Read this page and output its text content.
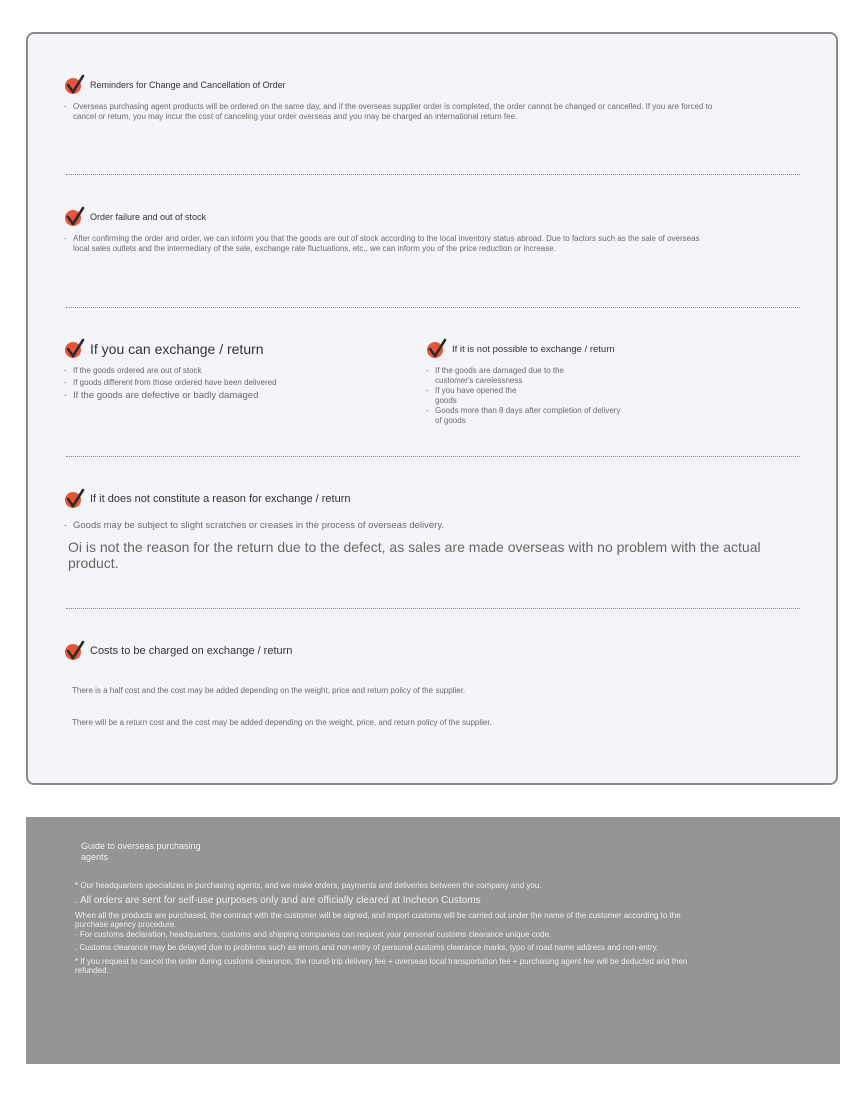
Reminders for Change and Cancellation of Order
- Overseas purchasing agent products will be ordered on the same day, and if the overseas supplier order is completed, the order cannot be changed or cancelled. If you are forced to cancel or return, you may incur the cost of canceling your order overseas and you may be charged an international return fee.
Order failure and out of stock
- After confirming the order and order, we can inform you that the goods are out of stock according to the local inventory status abroad. Due to factors such as the sale of overseas local sales outlets and the intermediary of the sale, exchange rate fluctuations, etc., we can inform you of the price reduction or increase.
If you can exchange / return
- If the goods ordered are out of stock
- If goods different from those ordered have been delivered
- If the goods are defective or badly damaged
If it is not possible to exchange / return
- If the goods are damaged due to the customer's carelessness
- If you have opened the goods
- Goods more than 8 days after completion of delivery of goods
If it does not constitute a reason for exchange / return
- Goods may be subject to slight scratches or creases in the process of overseas delivery.
Oi is not the reason for the return due to the defect, as sales are made overseas with no problem with the actual product.
Costs to be charged on exchange / return
There is a half cost and the cost may be added depending on the weight, price and return policy of the supplier.
There will be a return cost and the cost may be added depending on the weight, price, and return policy of the supplier.
Guide to overseas purchasing agents

* Our headquarters specializes in purchasing agents, and we make orders, payments and deliveries between the company and you.

. All orders are sent for self-use purposes only and are officially cleared at Incheon Customs

When all the products are purchased, the contract with the customer will be signed, and import customs will be carried out under the name of the customer according to the purchase agency procedure.

· For customs declaration, headquarters, customs and shipping companies can request your personal customs clearance unique code.

. Customs clearance may be delayed due to problems such as errors and non-entry of personal customs clearance marks, typo of road name address and non-entry.

* If you request to cancel the order during customs clearance, the round-trip delivery fee + overseas local transportation fee + purchasing agent fee will be deducted and then refunded.
